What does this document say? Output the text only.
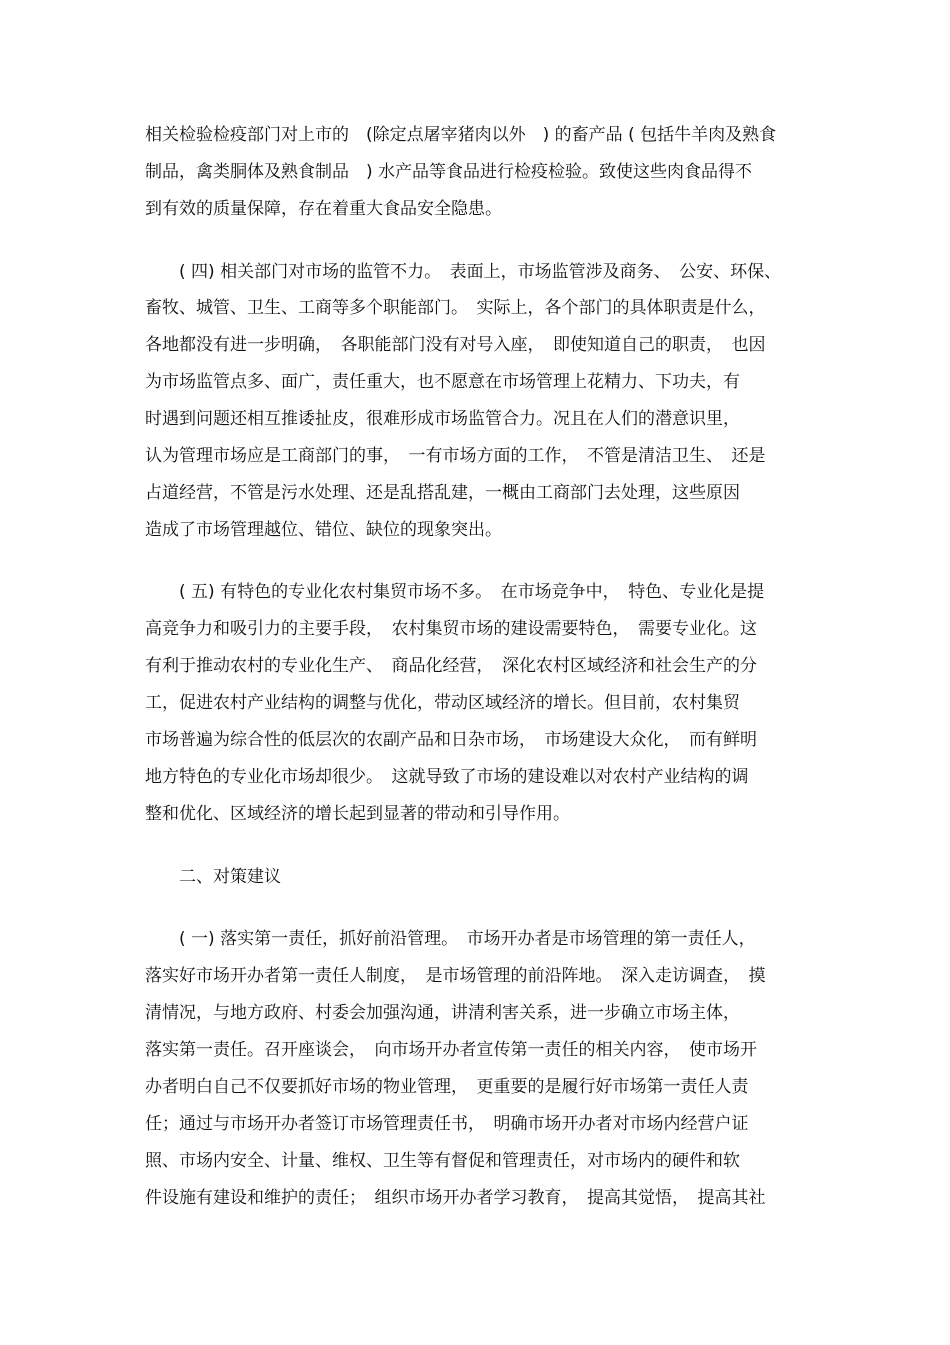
相关检验检疫部门对上市的　(除定点屠宰猪肉以外　) 的畜产品 ( 包括牛羊肉及熟食

制品，禽类胴体及熟食制品　) 水产品等食品进行检疫检验。致使这些肉食品得不

到有效的质量保障，存在着重大食品安全隐患。

　　( 四) 相关部门对市场的监管不力。　表面上，市场监管涉及商务、　公安、环保、

畜牧、城管、卫生、工商等多个职能部门。　实际上，各个部门的具体职责是什么，

各地都没有进一步明确，　各职能部门没有对号入座，　即使知道自己的职责，　也因

为市场监管点多、面广，责任重大，也不愿意在市场管理上花精力、下功夫，有

时遇到问题还相互推诿扯皮，很难形成市场监管合力。况且在人们的潜意识里，

认为管理市场应是工商部门的事，　一有市场方面的工作，　不管是清洁卫生、　还是

占道经营，不管是污水处理、还是乱搭乱建，一概由工商部门去处理，这些原因

造成了市场管理越位、错位、缺位的现象突出。

　　( 五) 有特色的专业化农村集贸市场不多。　在市场竞争中，　特色、专业化是提

高竞争力和吸引力的主要手段，　农村集贸市场的建设需要特色，　需要专业化。这

有利于推动农村的专业化生产、　商品化经营，　深化农村区域经济和社会生产的分

工，促进农村产业结构的调整与优化，带动区域经济的增长。但目前，农村集贸

市场普遍为综合性的低层次的农副产品和日杂市场，　市场建设大众化，　而有鲜明

地方特色的专业化市场却很少。　这就导致了市场的建设难以对农村产业结构的调

整和优化、区域经济的增长起到显著的带动和引导作用。

　　二、对策建议

　　( 一) 落实第一责任，抓好前沿管理。　市场开办者是市场管理的第一责任人，

落实好市场开办者第一责任人制度，　是市场管理的前沿阵地。　深入走访调查，　摸

清情况，与地方政府、村委会加强沟通，讲清利害关系，进一步确立市场主体，

落实第一责任。召开座谈会，　向市场开办者宣传第一责任的相关内容，　使市场开

办者明白自己不仅要抓好市场的物业管理，　更重要的是履行好市场第一责任人责

任；通过与市场开办者签订市场管理责任书，　明确市场开办者对市场内经营户证

照、市场内安全、计量、维权、卫生等有督促和管理责任，对市场内的硬件和软

件设施有建设和维护的责任；　组织市场开办者学习教育，　提高其觉悟，　提高其社
